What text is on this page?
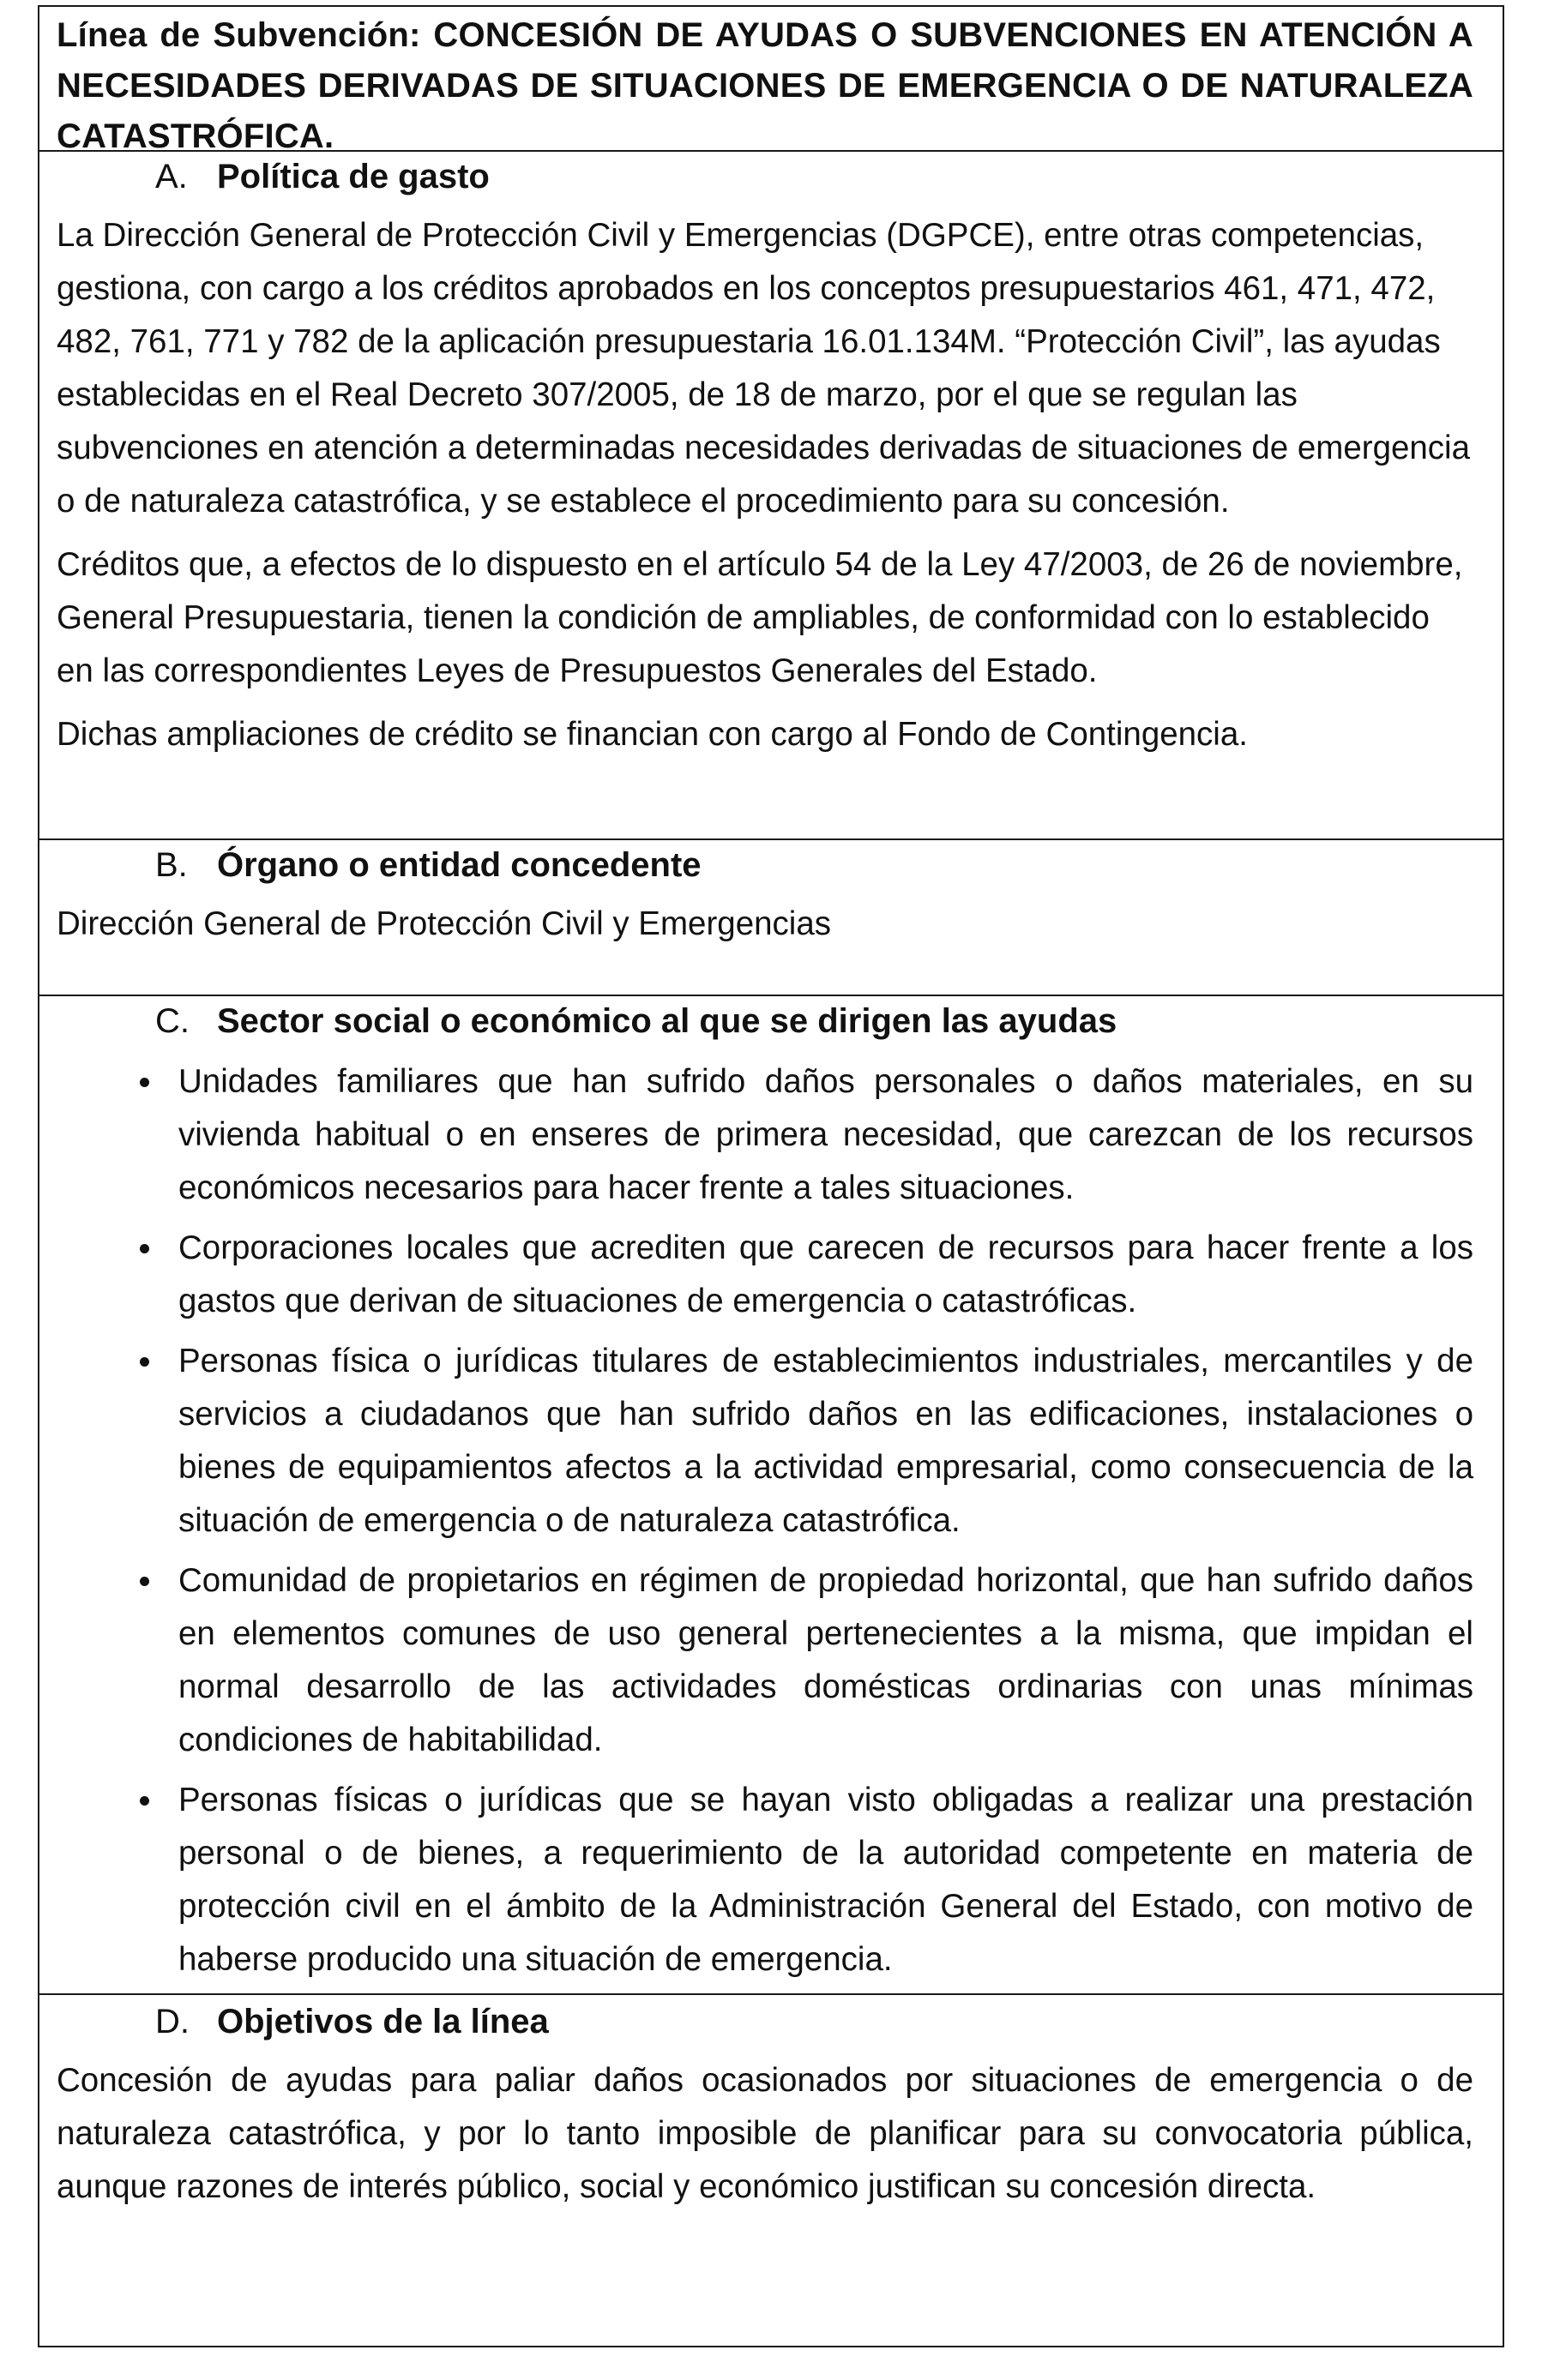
Línea de Subvención: CONCESIÓN DE AYUDAS O SUBVENCIONES EN ATENCIÓN A NECESIDADES DERIVADAS DE SITUACIONES DE EMERGENCIA O DE NATURALEZA CATASTRÓFICA.

A. Política de gasto

La Dirección General de Protección Civil y Emergencias (DGPCE), entre otras competencias, gestiona, con cargo a los créditos aprobados en los conceptos presupuestarios 461, 471, 472, 482, 761, 771 y 782 de la aplicación presupuestaria 16.01.134M. “Protección Civil”, las ayudas establecidas en el Real Decreto 307/2005, de 18 de marzo, por el que se regulan las subvenciones en atención a determinadas necesidades derivadas de situaciones de emergencia o de naturaleza catastrófica, y se establece el procedimiento para su concesión.

Créditos que, a efectos de lo dispuesto en el artículo 54 de la Ley 47/2003, de 26 de noviembre, General Presupuestaria, tienen la condición de ampliables, de conformidad con lo establecido en las correspondientes Leyes de Presupuestos Generales del Estado.

Dichas ampliaciones de crédito se financian con cargo al Fondo de Contingencia.

B. Órgano o entidad concedente

Dirección General de Protección Civil y Emergencias

C. Sector social o económico al que se dirigen las ayudas

Unidades familiares que han sufrido daños personales o daños materiales, en su vivienda habitual o en enseres de primera necesidad, que carezcan de los recursos económicos necesarios para hacer frente a tales situaciones.
Corporaciones locales que acrediten que carecen de recursos para hacer frente a los gastos que derivan de situaciones de emergencia o catastróficas.
Personas física o jurídicas titulares de establecimientos industriales, mercantiles y de servicios a ciudadanos que han sufrido daños en las edificaciones, instalaciones o bienes de equipamientos afectos a la actividad empresarial, como consecuencia de la situación de emergencia o de naturaleza catastrófica.
Comunidad de propietarios en régimen de propiedad horizontal, que han sufrido daños en elementos comunes de uso general pertenecientes a la misma, que impidan el normal desarrollo de las actividades domésticas ordinarias con unas mínimas condiciones de habitabilidad.
Personas físicas o jurídicas que se hayan visto obligadas a realizar una prestación personal o de bienes, a requerimiento de la autoridad competente en materia de protección civil en el ámbito de la Administración General del Estado, con motivo de haberse producido una situación de emergencia.

D. Objetivos de la línea

Concesión de ayudas para paliar daños ocasionados por situaciones de emergencia o de naturaleza catastrófica, y por lo tanto imposible de planificar para su convocatoria pública, aunque razones de interés público, social y económico justifican su concesión directa.
